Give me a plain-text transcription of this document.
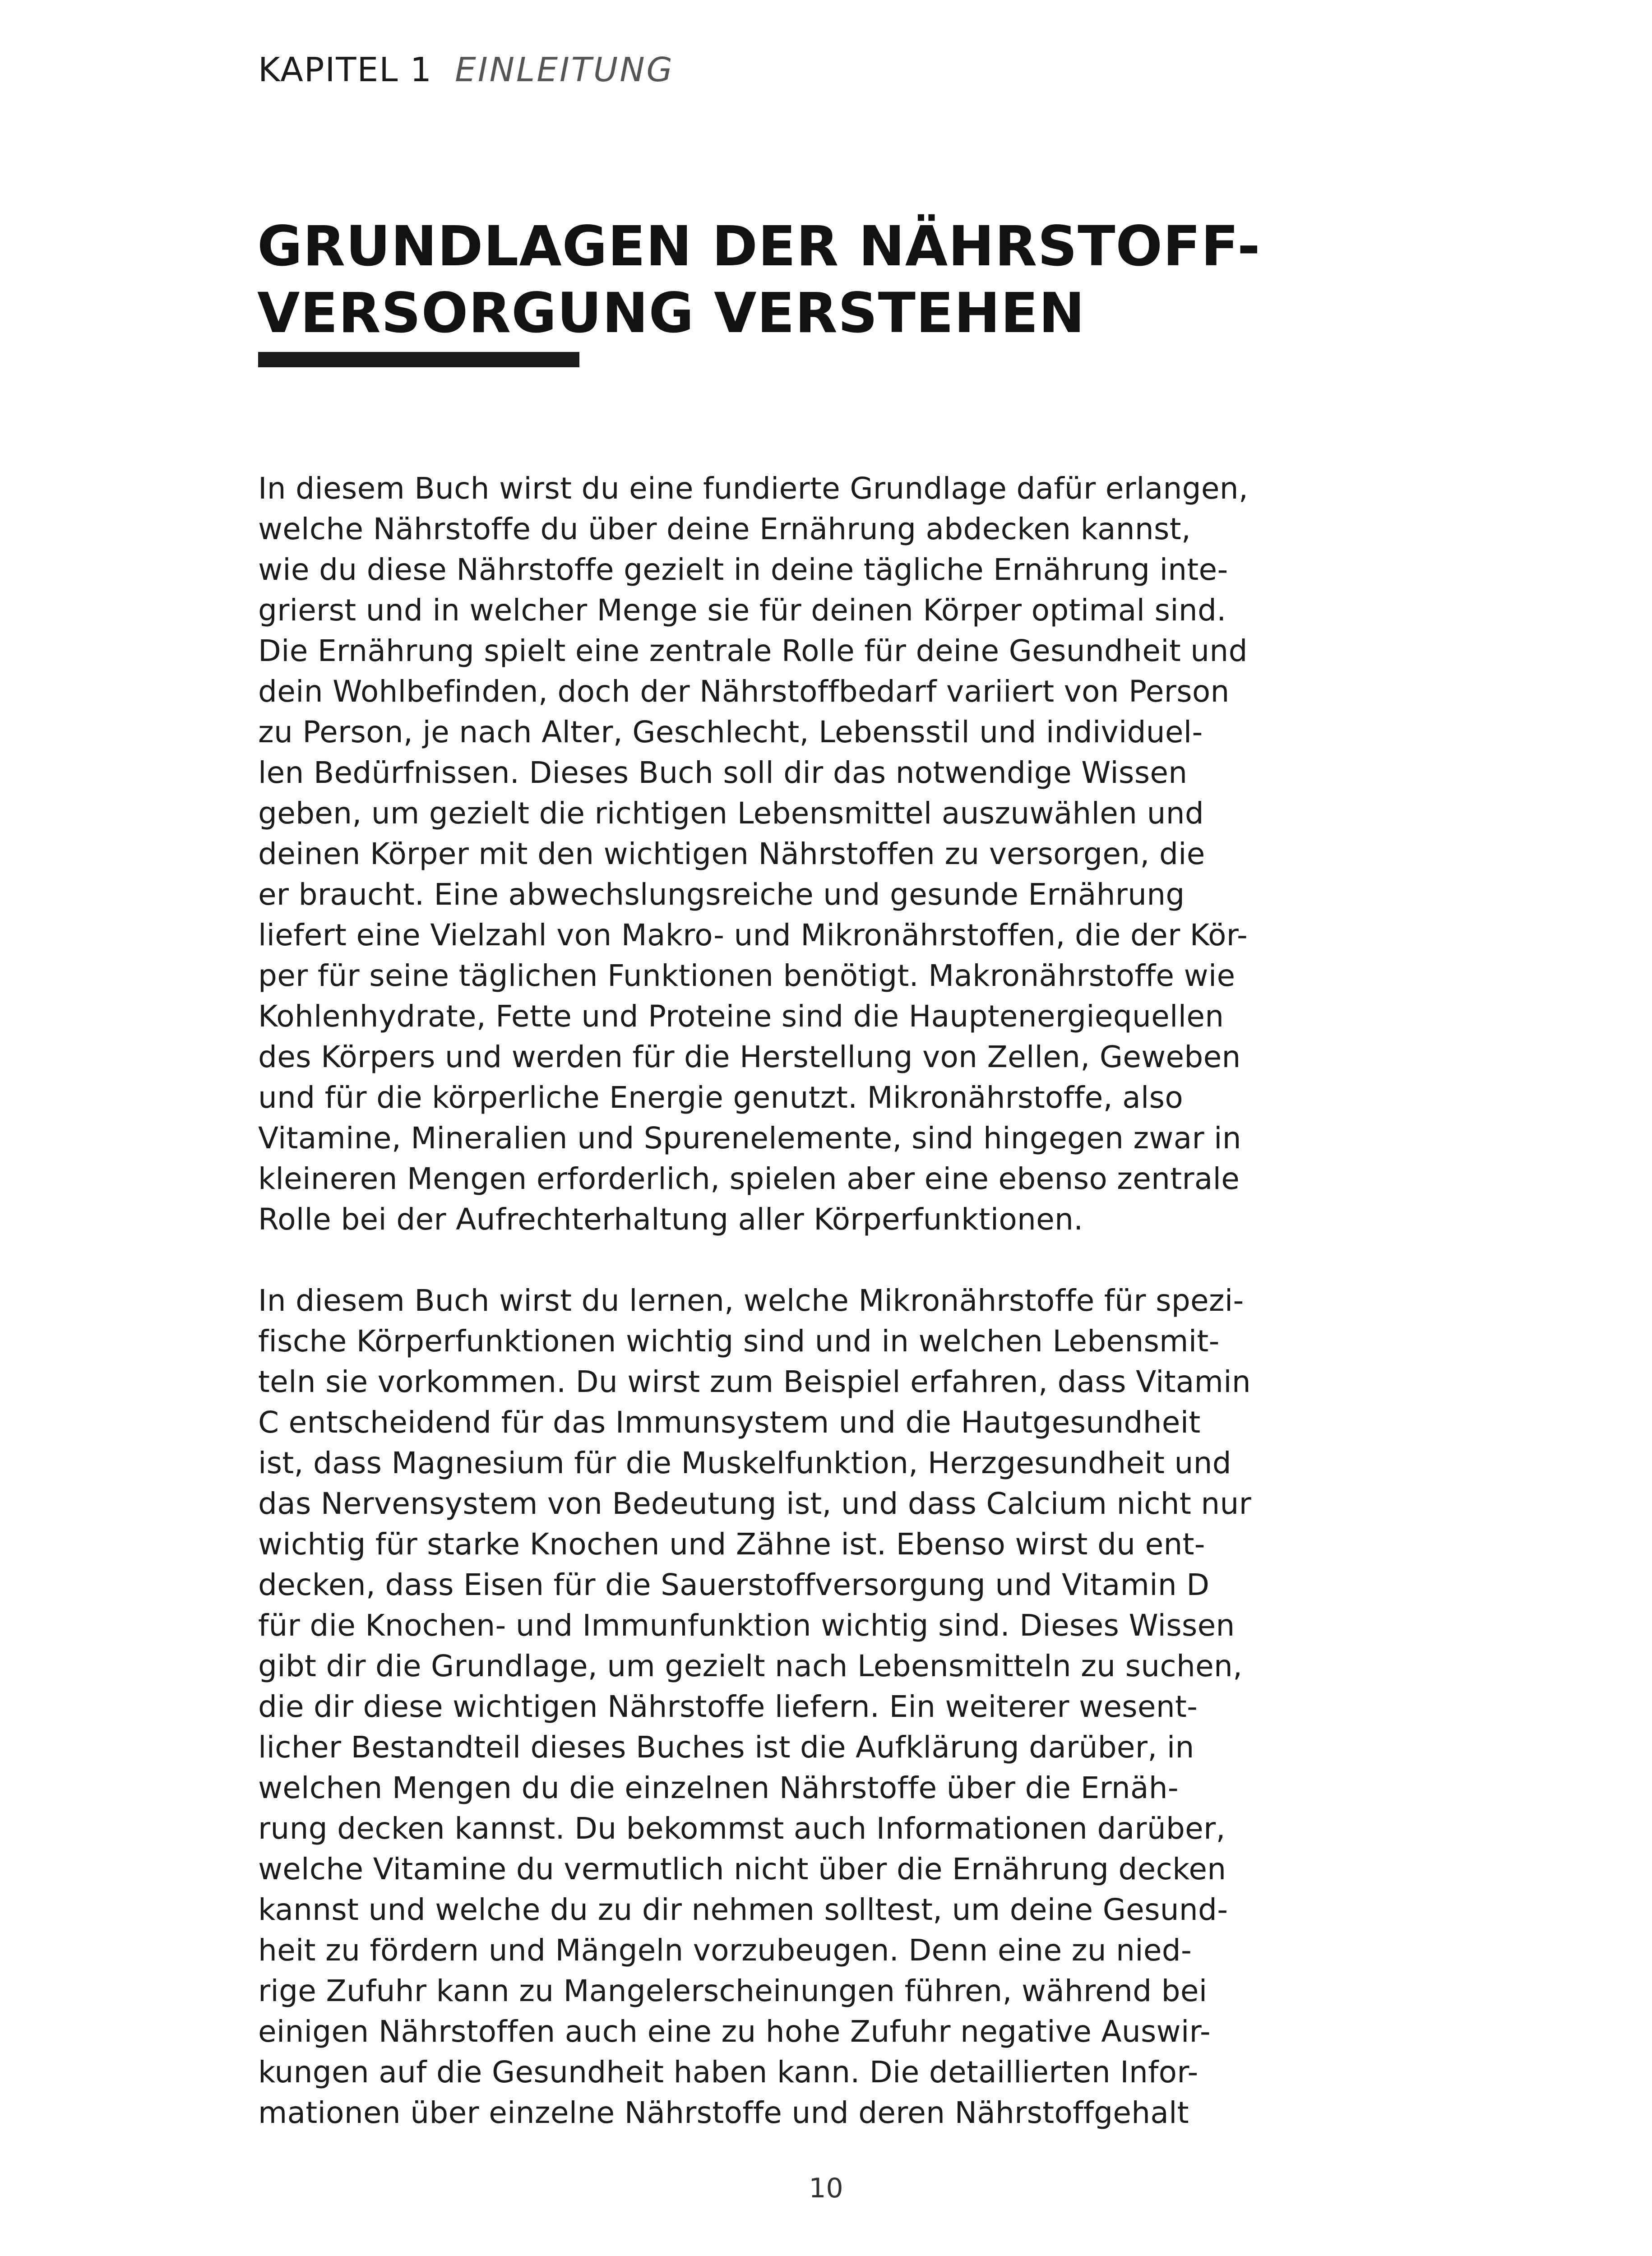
KAPITEL 1 EINLEITUNG
GRUNDLAGEN DER NÄHRSTOFF-
VERSORGUNG VERSTEHEN

In diesem Buch wirst du eine fundierte Grundlage dafür erlangen,
welche Nährstoffe du über deine Ernährung abdecken kannst,
wie du diese Nährstoffe gezielt in deine tägliche Ernährung inte-
grierst und in welcher Menge sie für deinen Körper optimal sind.
Die Ernährung spielt eine zentrale Rolle für deine Gesundheit und
dein Wohlbefinden, doch der Nährstoffbedarf variiert von Person
zu Person, je nach Alter, Geschlecht, Lebensstil und individuel-
len Bedürfnissen. Dieses Buch soll dir das notwendige Wissen
geben, um gezielt die richtigen Lebensmittel auszuwählen und
deinen Körper mit den wichtigen Nährstoffen zu versorgen, die
er braucht. Eine abwechslungsreiche und gesunde Ernährung
liefert eine Vielzahl von Makro- und Mikronährstoffen, die der Kör-
per für seine täglichen Funktionen benötigt. Makronährstoffe wie
Kohlenhydrate, Fette und Proteine sind die Hauptenergiequellen
des Körpers und werden für die Herstellung von Zellen, Geweben
und für die körperliche Energie genutzt. Mikronährstoffe, also
Vitamine, Mineralien und Spurenelemente, sind hingegen zwar in
kleineren Mengen erforderlich, spielen aber eine ebenso zentrale
Rolle bei der Aufrechterhaltung aller Körperfunktionen.

In diesem Buch wirst du lernen, welche Mikronährstoffe für spezi-
fische Körperfunktionen wichtig sind und in welchen Lebensmit-
teln sie vorkommen. Du wirst zum Beispiel erfahren, dass Vitamin
C entscheidend für das Immunsystem und die Hautgesundheit
ist, dass Magnesium für die Muskelfunktion, Herzgesundheit und
das Nervensystem von Bedeutung ist, und dass Calcium nicht nur
wichtig für starke Knochen und Zähne ist. Ebenso wirst du ent-
decken, dass Eisen für die Sauerstoffversorgung und Vitamin D
für die Knochen- und Immunfunktion wichtig sind. Dieses Wissen
gibt dir die Grundlage, um gezielt nach Lebensmitteln zu suchen,
die dir diese wichtigen Nährstoffe liefern. Ein weiterer wesent-
licher Bestandteil dieses Buches ist die Aufklärung darüber, in
welchen Mengen du die einzelnen Nährstoffe über die Ernäh-
rung decken kannst. Du bekommst auch Informationen darüber,
welche Vitamine du vermutlich nicht über die Ernährung decken
kannst und welche du zu dir nehmen solltest, um deine Gesund-
heit zu fördern und Mängeln vorzubeugen. Denn eine zu nied-
rige Zufuhr kann zu Mangelerscheinungen führen, während bei
einigen Nährstoffen auch eine zu hohe Zufuhr negative Auswir-
kungen auf die Gesundheit haben kann. Die detaillierten Infor-
mationen über einzelne Nährstoffe und deren Nährstoffgehalt

10
